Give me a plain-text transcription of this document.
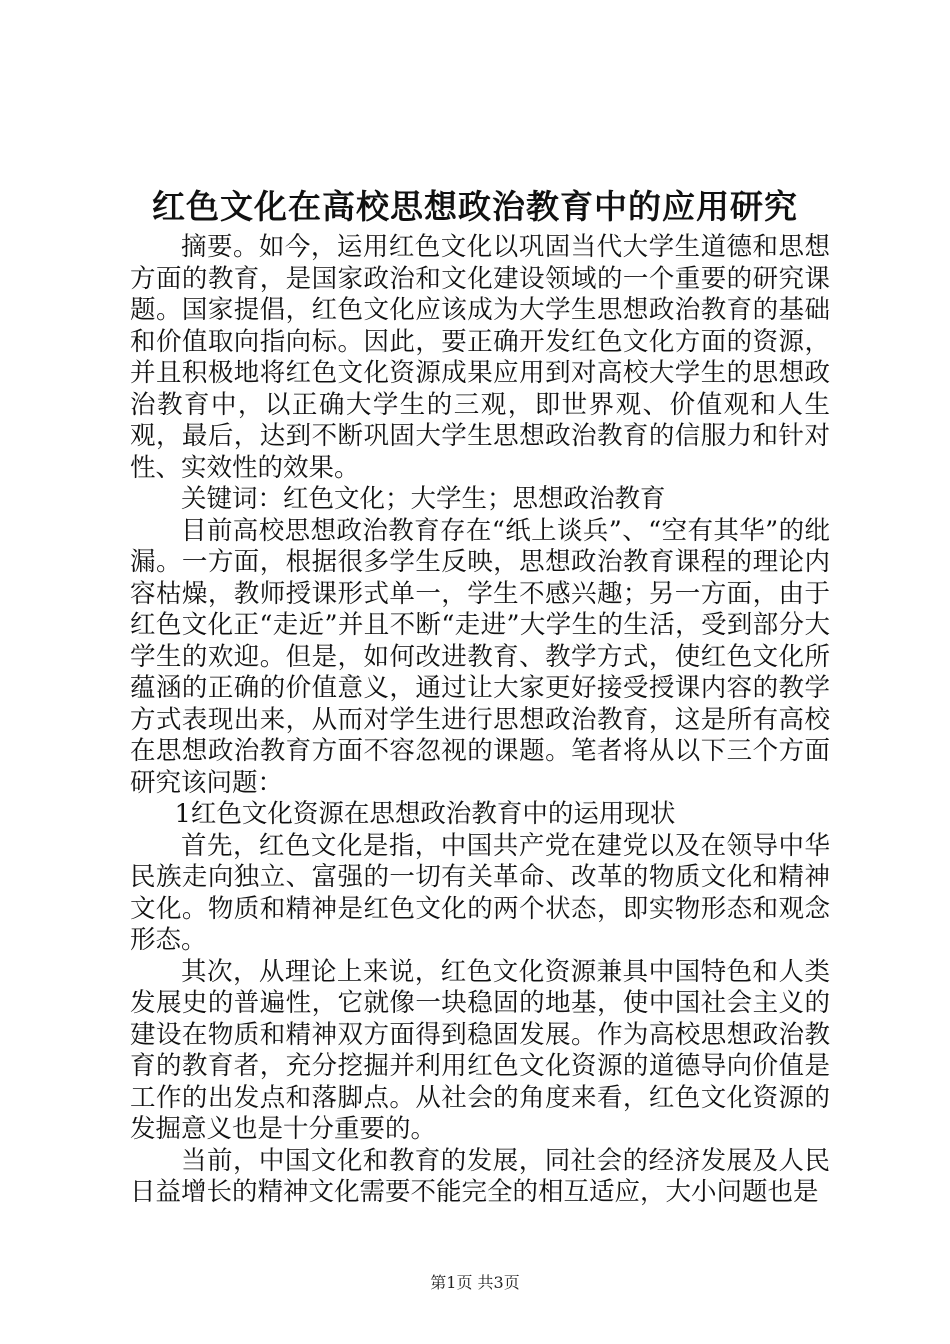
红色文化在高校思想政治教育中的应用研究

摘要。如今，运用红色文化以巩固当代大学生道德和思想方面的教育，是国家政治和文化建设领域的一个重要的研究课题。国家提倡，红色文化应该成为大学生思想政治教育的基础和价值取向指向标。因此，要正确开发红色文化方面的资源，并且积极地将红色文化资源成果应用到对高校大学生的思想政治教育中，以正确大学生的三观，即世界观、价值观和人生观，最后，达到不断巩固大学生思想政治教育的信服力和针对性、实效性的效果。

关键词：红色文化；大学生；思想政治教育

目前高校思想政治教育存在“纸上谈兵”、“空有其华”的纰漏。一方面，根据很多学生反映，思想政治教育课程的理论内容枯燥，教师授课形式单一，学生不感兴趣；另一方面，由于红色文化正“走近”并且不断“走进”大学生的生活，受到部分大学生的欢迎。但是，如何改进教育、教学方式，使红色文化所蕴涵的正确的价值意义，通过让大家更好接受授课内容的教学方式表现出来，从而对学生进行思想政治教育，这是所有高校在思想政治教育方面不容忽视的课题。笔者将从以下三个方面研究该问题：

1红色文化资源在思想政治教育中的运用现状

首先，红色文化是指，中国共产党在建党以及在领导中华民族走向独立、富强的一切有关革命、改革的物质文化和精神文化。物质和精神是红色文化的两个状态，即实物形态和观念形态。

其次，从理论上来说，红色文化资源兼具中国特色和人类发展史的普遍性，它就像一块稳固的地基，使中国社会主义的建设在物质和精神双方面得到稳固发展。作为高校思想政治教育的教育者，充分挖掘并利用红色文化资源的道德导向价值是工作的出发点和落脚点。从社会的角度来看，红色文化资源的发掘意义也是十分重要的。

当前，中国文化和教育的发展，同社会的经济发展及人民日益增长的精神文化需要不能完全的相互适应，大小问题也是

第1页 共3页
